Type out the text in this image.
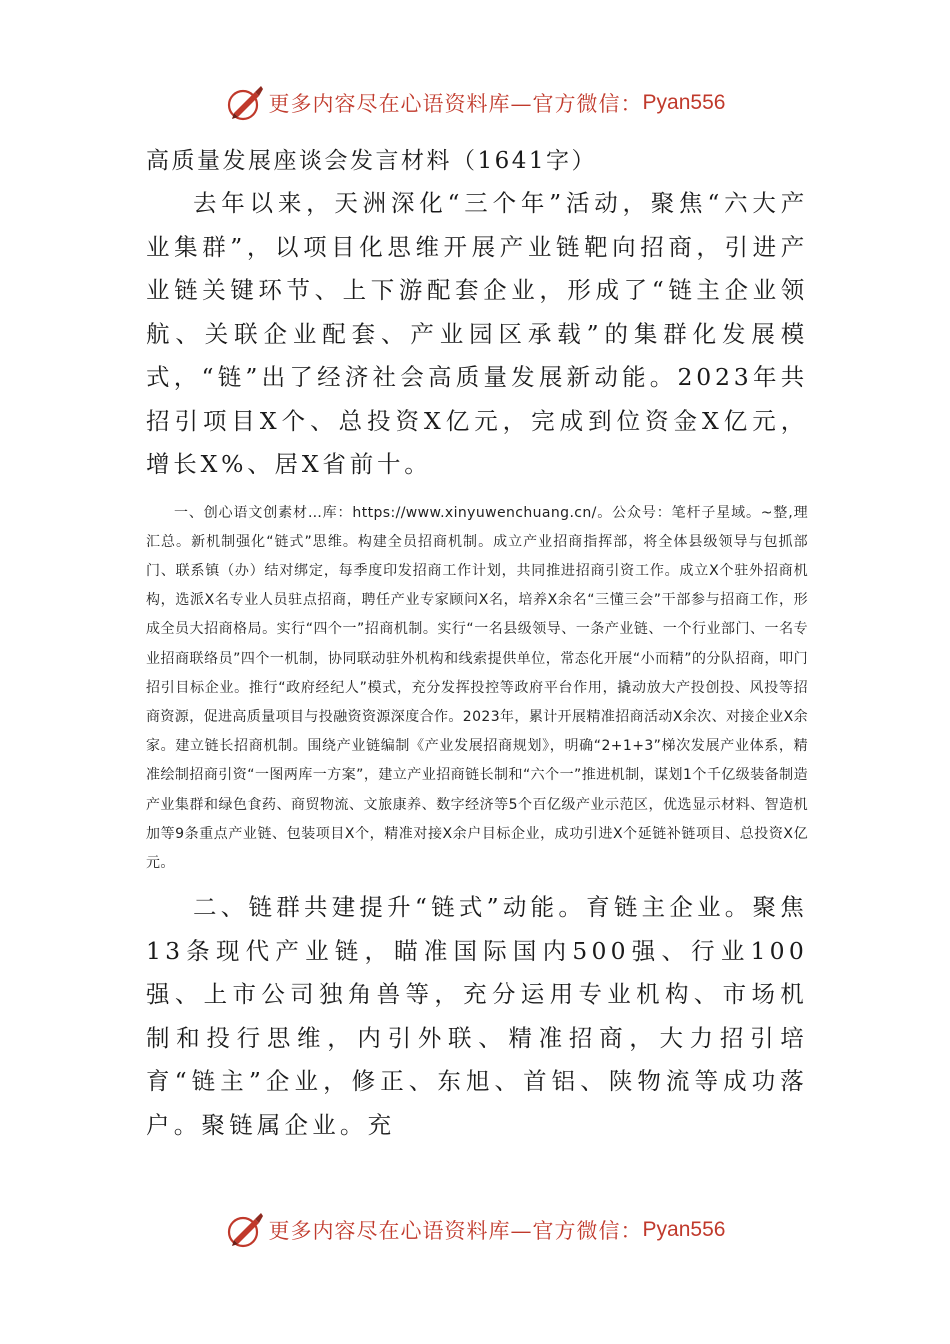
更多内容尽在心语资料库—官方微信： Pyan556

高质量发展座谈会发言材料（1641字）

去年以来，天洲深化“三个年”活动，聚焦“六大产业集群”，以项目化思维开展产业链靶向招商，引进产业链关键环节、上下游配套企业，形成了“链主企业领航、关联企业配套、产业园区承载”的集群化发展模式，“链”出了经济社会高质量发展新动能。2023年共招引项目X个、总投资X亿元，完成到位资金X亿元，增长X%、居X省前十。

一、创心语文创素材…库：https://www.xinyuwenchuang.cn/。公众号：笔杆子星域。~整,理汇总。新机制强化“链式”思维。构建全员招商机制。成立产业招商指挥部，将全体县级领导与包抓部门、联系镇（办）结对绑定，每季度印发招商工作计划，共同推进招商引资工作。成立X个驻外招商机构，选派X名专业人员驻点招商，聘任产业专家顾问X名，培养X余名“三懂三会”干部参与招商工作，形成全员大招商格局。实行“四个一”招商机制。实行“一名县级领导、一条产业链、一个行业部门、一名专业招商联络员”四个一机制，协同联动驻外机构和线索提供单位，常态化开展“小而精”的分队招商，叩门招引目标企业。推行“政府经纪人”模式，充分发挥投控等政府平台作用，撬动放大产投创投、风投等招商资源，促进高质量项目与投融资资源深度合作。2023年，累计开展精准招商活动X余次、对接企业X余家。建立链长招商机制。围绕产业链编制《产业发展招商规划》，明确“2+1+3”梯次发展产业体系，精准绘制招商引资“一图两库一方案”，建立产业招商链长制和“六个一”推进机制，谋划1个千亿级装备制造产业集群和绿色食药、商贸物流、文旅康养、数字经济等5个百亿级产业示范区，优选显示材料、智造机加等9条重点产业链、包装项目X个，精准对接X余户目标企业，成功引进X个延链补链项目、总投资X亿元。

二、链群共建提升“链式”动能。育链主企业。聚焦13条现代产业链，瞄准国际国内500强、行业100强、上市公司独角兽等，充分运用专业机构、市场机制和投行思维，内引外联、精准招商，大力招引培育“链主”企业，修正、东旭、首铝、陕物流等成功落户。聚链属企业。充

更多内容尽在心语资料库—官方微信： Pyan556
